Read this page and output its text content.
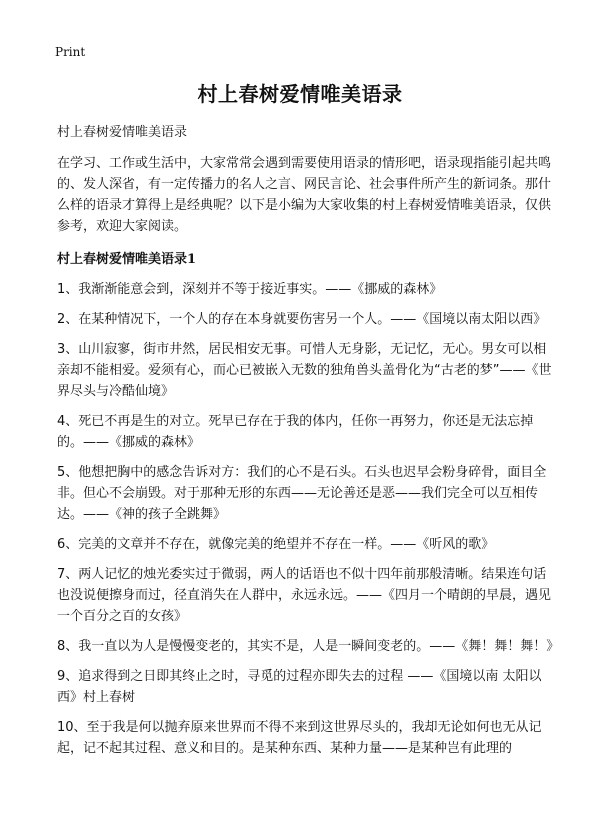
Print
村上春树爱情唯美语录

村上春树爱情唯美语录

在学习、工作或生活中，大家常常会遇到需要使用语录的情形吧，语录现指能引起共鸣的、发人深省，有一定传播力的名人之言、网民言论、社会事件所产生的新词条。那什么样的语录才算得上是经典呢？以下是小编为大家收集的村上春树爱情唯美语录，仅供参考，欢迎大家阅读。

村上春树爱情唯美语录1

1、我渐渐能意会到，深刻并不等于接近事实。——《挪威的森林》

2、在某种情况下，一个人的存在本身就要伤害另一个人。——《国境以南太阳以西》

3、山川寂寥，街市井然，居民相安无事。可惜人无身影，无记忆，无心。男女可以相亲却不能相爱。爱须有心，而心已被嵌入无数的独角兽头盖骨化为“古老的梦”——《世界尽头与冷酷仙境》

4、死已不再是生的对立。死早已存在于我的体内，任你一再努力，你还是无法忘掉的。——《挪威的森林》

5、他想把胸中的感念告诉对方：我们的心不是石头。石头也迟早会粉身碎骨，面目全非。但心不会崩毁。对于那种无形的东西——无论善还是恶——我们完全可以互相传达。——《神的孩子全跳舞》

6、完美的文章并不存在，就像完美的绝望并不存在一样。——《听风的歌》

7、两人记忆的烛光委实过于微弱，两人的话语也不似十四年前那般清晰。结果连句话也没说便擦身而过，径直消失在人群中，永远永远。——《四月一个晴朗的早晨，遇见一个百分之百的女孩》

8、我一直以为人是慢慢变老的，其实不是，人是一瞬间变老的。——《舞！舞！舞！》

9、追求得到之日即其终止之时，寻觅的过程亦即失去的过程 ——《国境以南 太阳以西》村上春树

10、至于我是何以抛弃原来世界而不得不来到这世界尽头的，我却无论如何也无从记起，记不起其过程、意义和目的。是某种东西、某种力量——是某种岂有此理的
